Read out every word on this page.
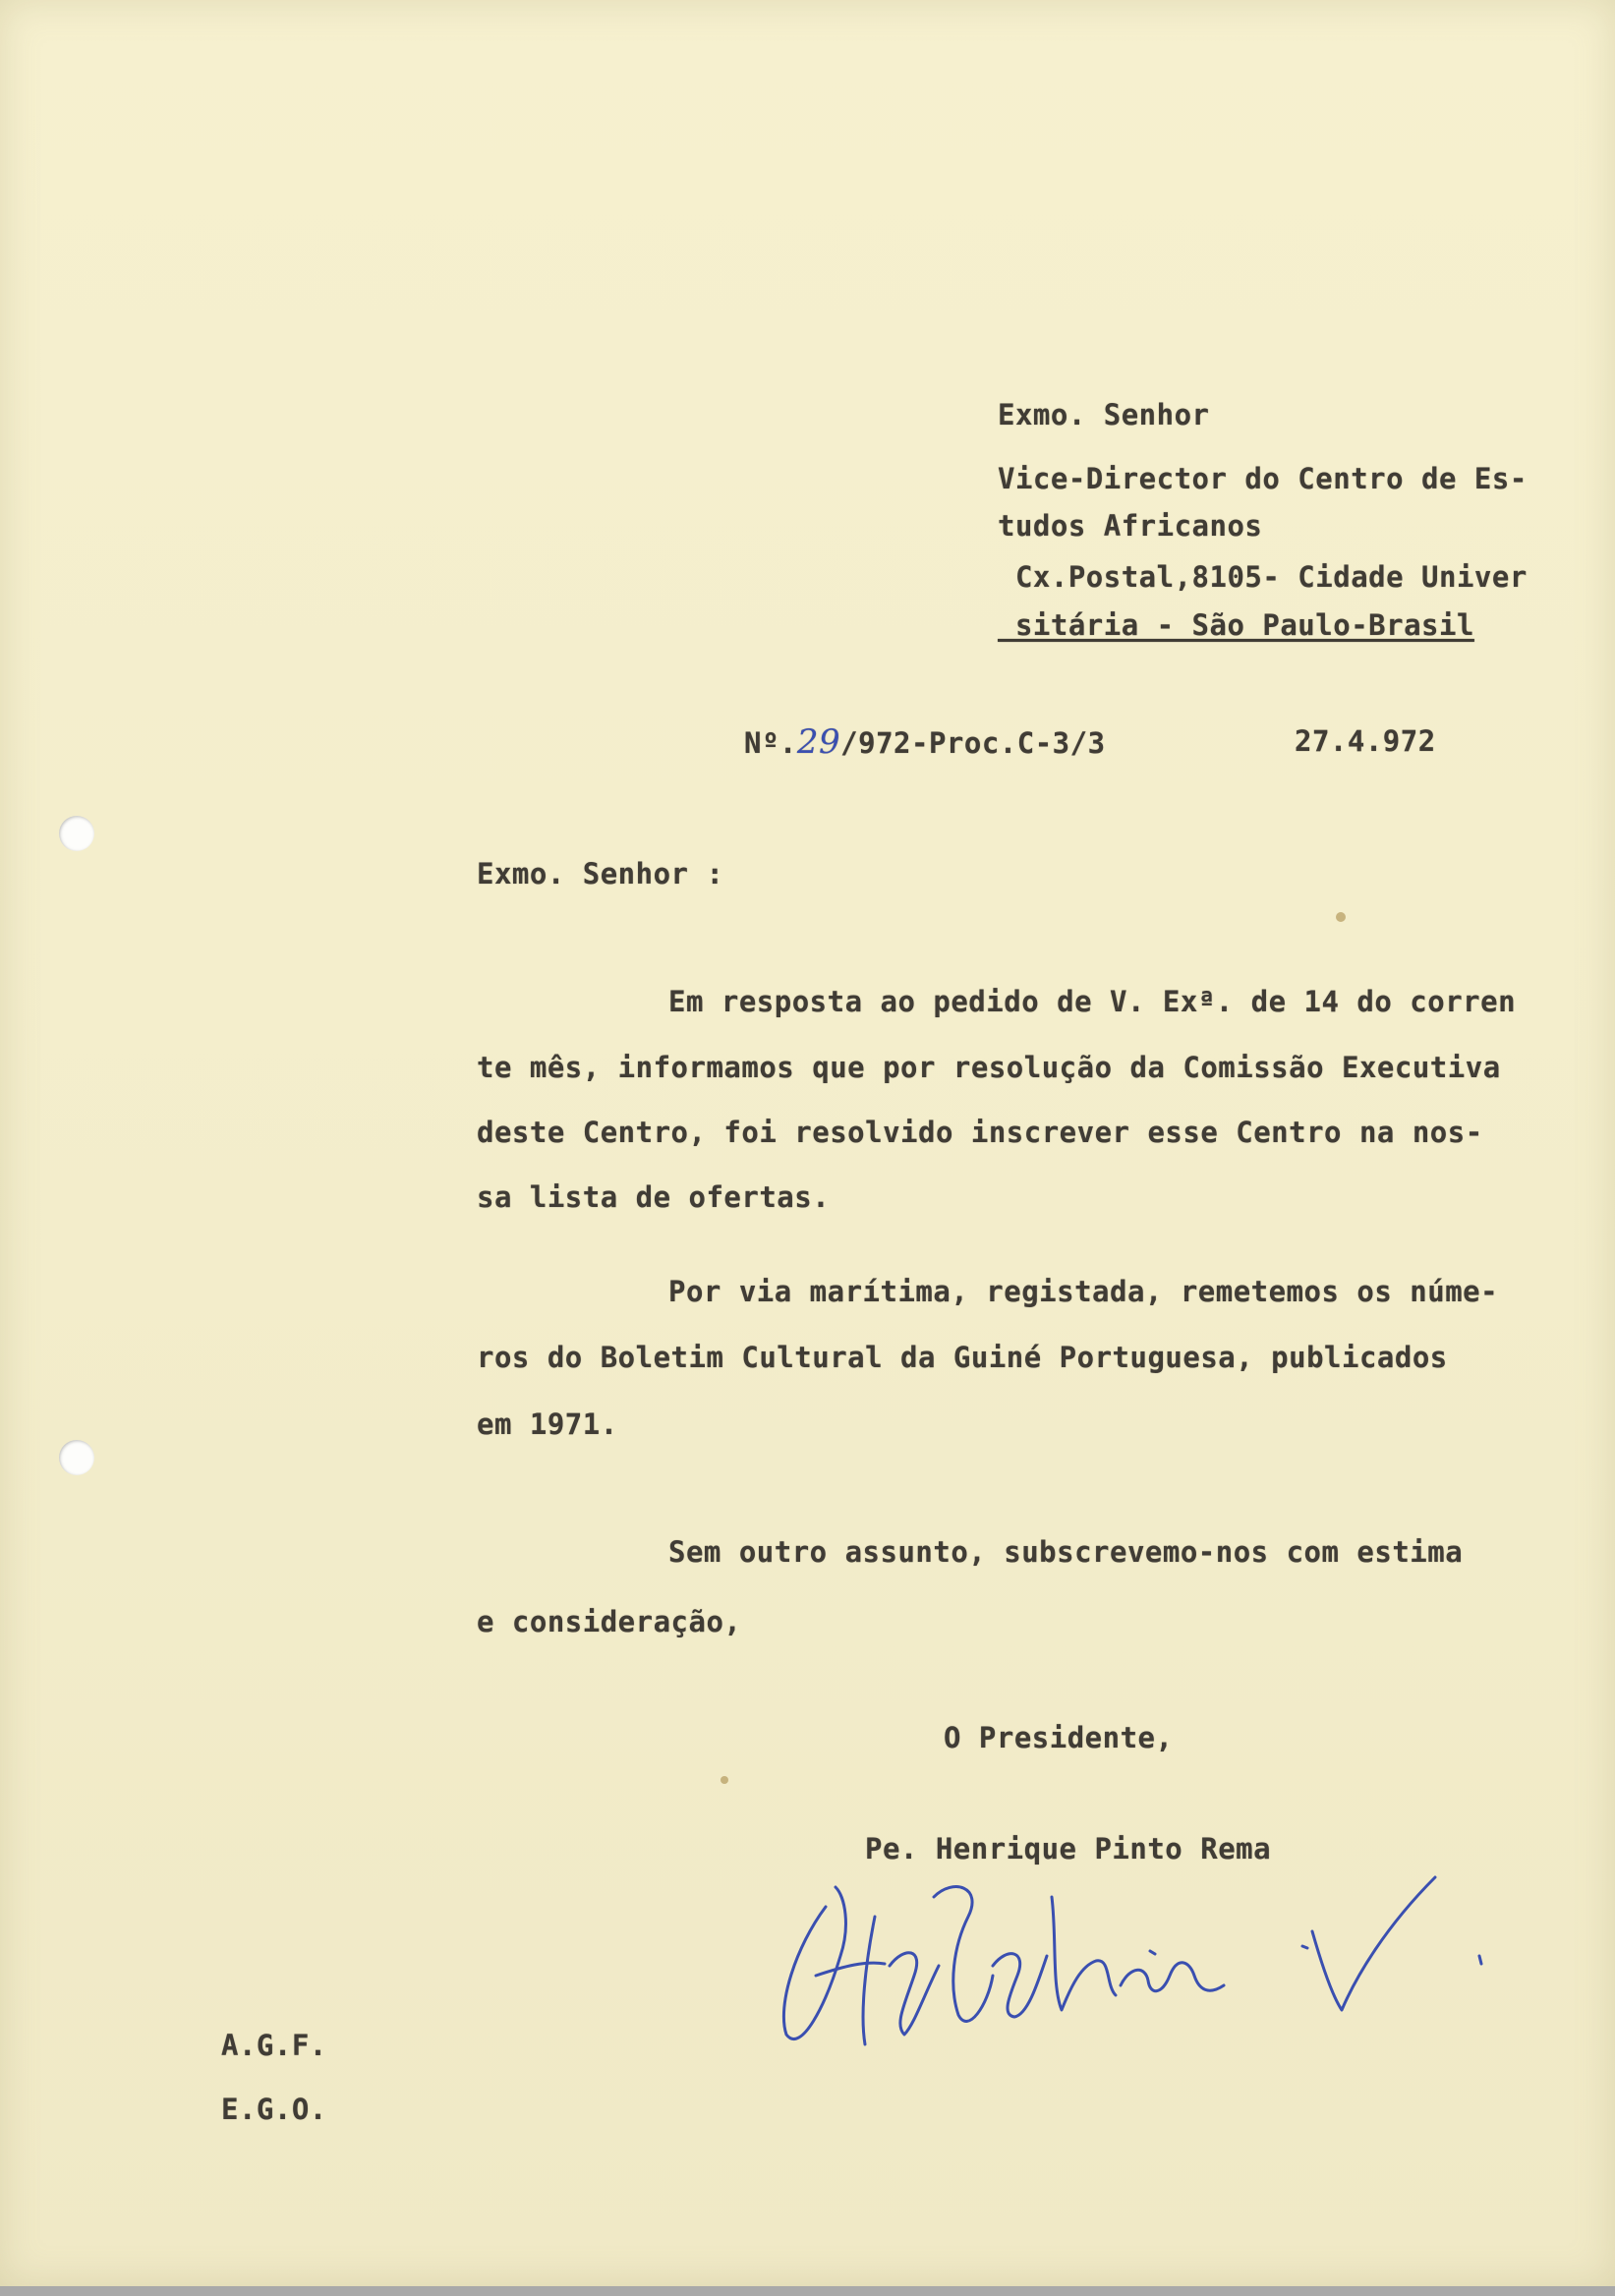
Exmo. Senhor

Vice-Director do Centro de Es-

tudos Africanos

Cx.Postal,8105- Cidade Univer

sitária - São Paulo-Brasil

Nº.29/972-Proc.C-3/3	27.4.972

Exmo. Senhor :

Em resposta ao pedido de V. Exª. de 14 do corren

te mês, informamos que por resolução da Comissão Executiva

deste Centro, foi resolvido inscrever esse Centro na nos-

sa lista de ofertas.

Por via marítima, registada, remetemos os núme-

ros do Boletim Cultural da Guiné Portuguesa, publicados

em 1971.

Sem outro assunto, subscrevemo-nos com estima

e consideração,

O Presidente,

Pe. Henrique Pinto Rema

A.G.F.

E.G.O.
